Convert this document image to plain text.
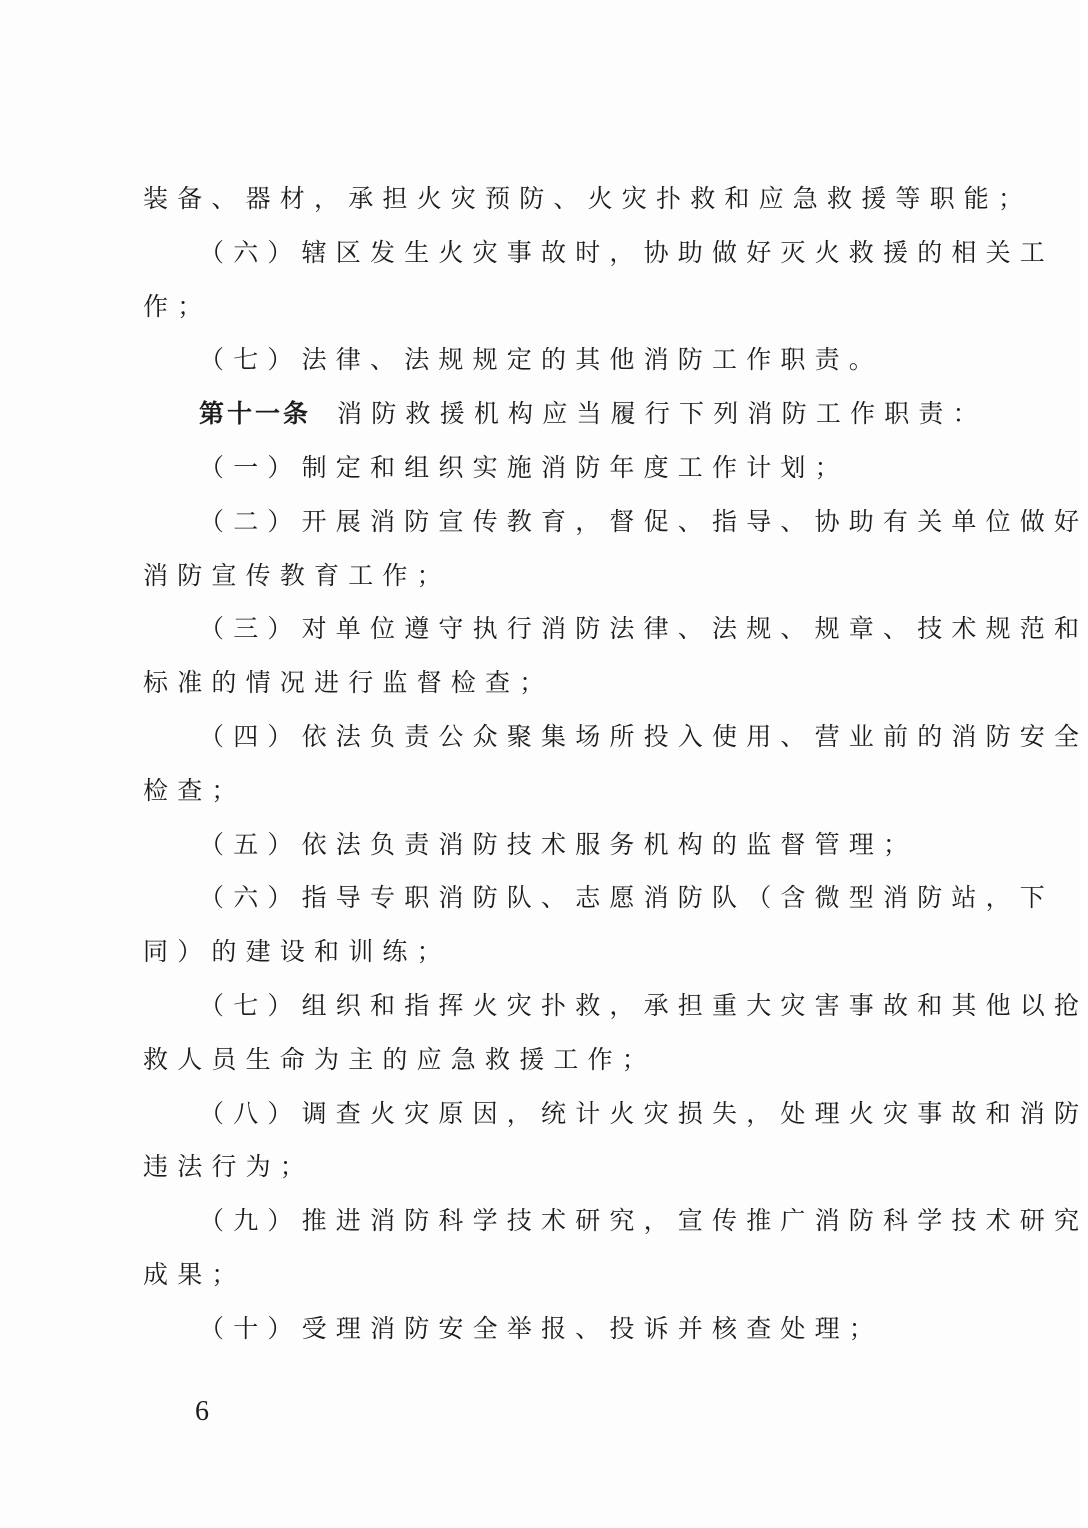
装备、器材，承担火灾预防、火灾扑救和应急救援等职能；
（六）辖区发生火灾事故时，协助做好灭火救援的相关工
作；
（七）法律、法规规定的其他消防工作职责。
第十一条 消防救援机构应当履行下列消防工作职责：
（一）制定和组织实施消防年度工作计划；
（二）开展消防宣传教育，督促、指导、协助有关单位做好
消防宣传教育工作；
（三）对单位遵守执行消防法律、法规、规章、技术规范和
标准的情况进行监督检查；
（四）依法负责公众聚集场所投入使用、营业前的消防安全
检查；
（五）依法负责消防技术服务机构的监督管理；
（六）指导专职消防队、志愿消防队（含微型消防站，下
同）的建设和训练；
（七）组织和指挥火灾扑救，承担重大灾害事故和其他以抢
救人员生命为主的应急救援工作；
（八）调查火灾原因，统计火灾损失，处理火灾事故和消防
违法行为；
（九）推进消防科学技术研究，宣传推广消防科学技术研究
成果；
（十）受理消防安全举报、投诉并核查处理；
6
